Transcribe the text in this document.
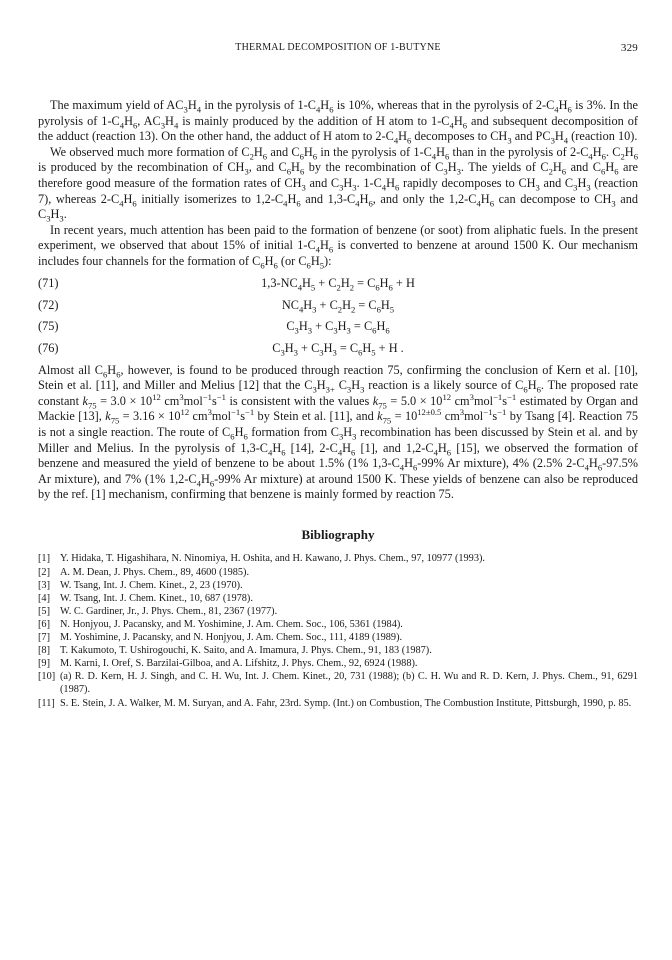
THERMAL DECOMPOSITION OF 1-BUTYNE	329

The maximum yield of $AC_3H_4$ in the pyrolysis of $1-C_4H_6$ is 10%, whereas that in the pyrolysis of $2-C_4H_6$ is 3%. In the pyrolysis of $1-C_4H_6$, $AC_3H_4$ is mainly produced by the addition of H atom to $1-C_4H_6$ and subsequent decomposition of the adduct (reaction 13). On the other hand, the adduct of H atom to $2-C_4H_6$ decomposes to $CH_3$ and $PC_3H_4$ (reaction 10).

We observed much more formation of $C_2H_6$ and $C_6H_6$ in the pyrolysis of $1-C_4H_6$ than in the pyrolysis of $2-C_4H_6$. $C_2H_6$ is produced by the recombination of $CH_3$, and $C_6H_6$ by the recombination of $C_3H_3$. The yields of $C_2H_6$ and $C_6H_6$ are therefore good measure of the formation rates of $CH_3$ and $C_3H_3$. $1-C_4H_6$ rapidly decomposes to $CH_3$ and $C_3H_3$ (reaction 7), whereas $2-C_4H_6$ initially isomerizes to $1,2-C_4H_6$ and $1,3-C_4H_6$, and only the $1,2-C_4H_6$ can decompose to $CH_3$ and $C_3H_3$.

In recent years, much attention has been paid to the formation of benzene (or soot) from aliphatic fuels. In the present experiment, we observed that about 15% of initial $1-C_4H_6$ is converted to benzene at around 1500 K. Our mechanism includes four channels for the formation of $C_6H_6$ (or $C_6H_5$):

(71)	$1,3-NC_4H_5 + C_2H_2 = C_6H_6 + H$
(72)	$NC_4H_3 + C_2H_2 = C_6H_5$
(75)	$C_3H_3 + C_3H_3 = C_6H_6$
(76)	$C_3H_3 + C_3H_3 = C_6H_5 + H$ .

Almost all $C_6H_6$, however, is found to be produced through reaction 75, confirming the conclusion of Kern et al. [10], Stein et al. [11], and Miller and Melius [12] that the $C_3H_{3+}$ $C_3H_3$ reaction is a likely source of $C_6H_6$. The proposed rate constant $k_{75} = 3.0 \times 10^{12}$ $cm^3mol^{-1}s^{-1}$ is consistent with the values $k_{75} = 5.0 \times 10^{12}$ $cm^3mol^{-1}s^{-1}$ estimated by Organ and Mackie [13], $k_{75} = 3.16 \times 10^{12}$ $cm^3mol^{-1}s^{-1}$ by Stein et al. [11], and $k_{75} = 10^{12\pm 0.5}$ $cm^3mol^{-1}s^{-1}$ by Tsang [4]. Reaction 75 is not a single reaction. The route of $C_6H_6$ formation from $C_3H_3$ recombination has been discussed by Stein et al. and by Miller and Melius. In the pyrolysis of $1,3-C_4H_6$ [14], $2-C_4H_6$ [1], and $1,2-C_4H_6$ [15], we observed the formation of benzene and measured the yield of benzene to be about 1.5% (1% $1,3-C_4H_6-99\%$ Ar mixture), 4% (2.5% $2-C_4H_6-97.5\%$ Ar mixture), and 7% (1% $1,2-C_4H_6-99\%$ Ar mixture) at around 1500 K. These yields of benzene can also be reproduced by the ref. [1] mechanism, confirming that benzene is mainly formed by reaction 75.

Bibliography
[1] Y. Hidaka, T. Higashihara, N. Ninomiya, H. Oshita, and H. Kawano, J. Phys. Chem., 97, 10977 (1993).
[2] A. M. Dean, J. Phys. Chem., 89, 4600 (1985).
[3] W. Tsang, Int. J. Chem. Kinet., 2, 23 (1970).
[4] W. Tsang, Int. J. Chem. Kinet., 10, 687 (1978).
[5] W. C. Gardiner, Jr., J. Phys. Chem., 81, 2367 (1977).
[6] N. Honjyou, J. Pacansky, and M. Yoshimine, J. Am. Chem. Soc., 106, 5361 (1984).
[7] M. Yoshimine, J. Pacansky, and N. Honjyou, J. Am. Chem. Soc., 111, 4189 (1989).
[8] T. Kakumoto, T. Ushirogouchi, K. Saito, and A. Imamura, J. Phys. Chem., 91, 183 (1987).
[9] M. Karni, I. Oref, S. Barzilai-Gilboa, and A. Lifshitz, J. Phys. Chem., 92, 6924 (1988).
[10] (a) R. D. Kern, H. J. Singh, and C. H. Wu, Int. J. Chem. Kinet., 20, 731 (1988); (b) C. H. Wu and R. D. Kern, J. Phys. Chem., 91, 6291 (1987).
[11] S. E. Stein, J. A. Walker, M. M. Suryan, and A. Fahr, 23rd. Symp. (Int.) on Combustion, The Combustion Institute, Pittsburgh, 1990, p. 85.
